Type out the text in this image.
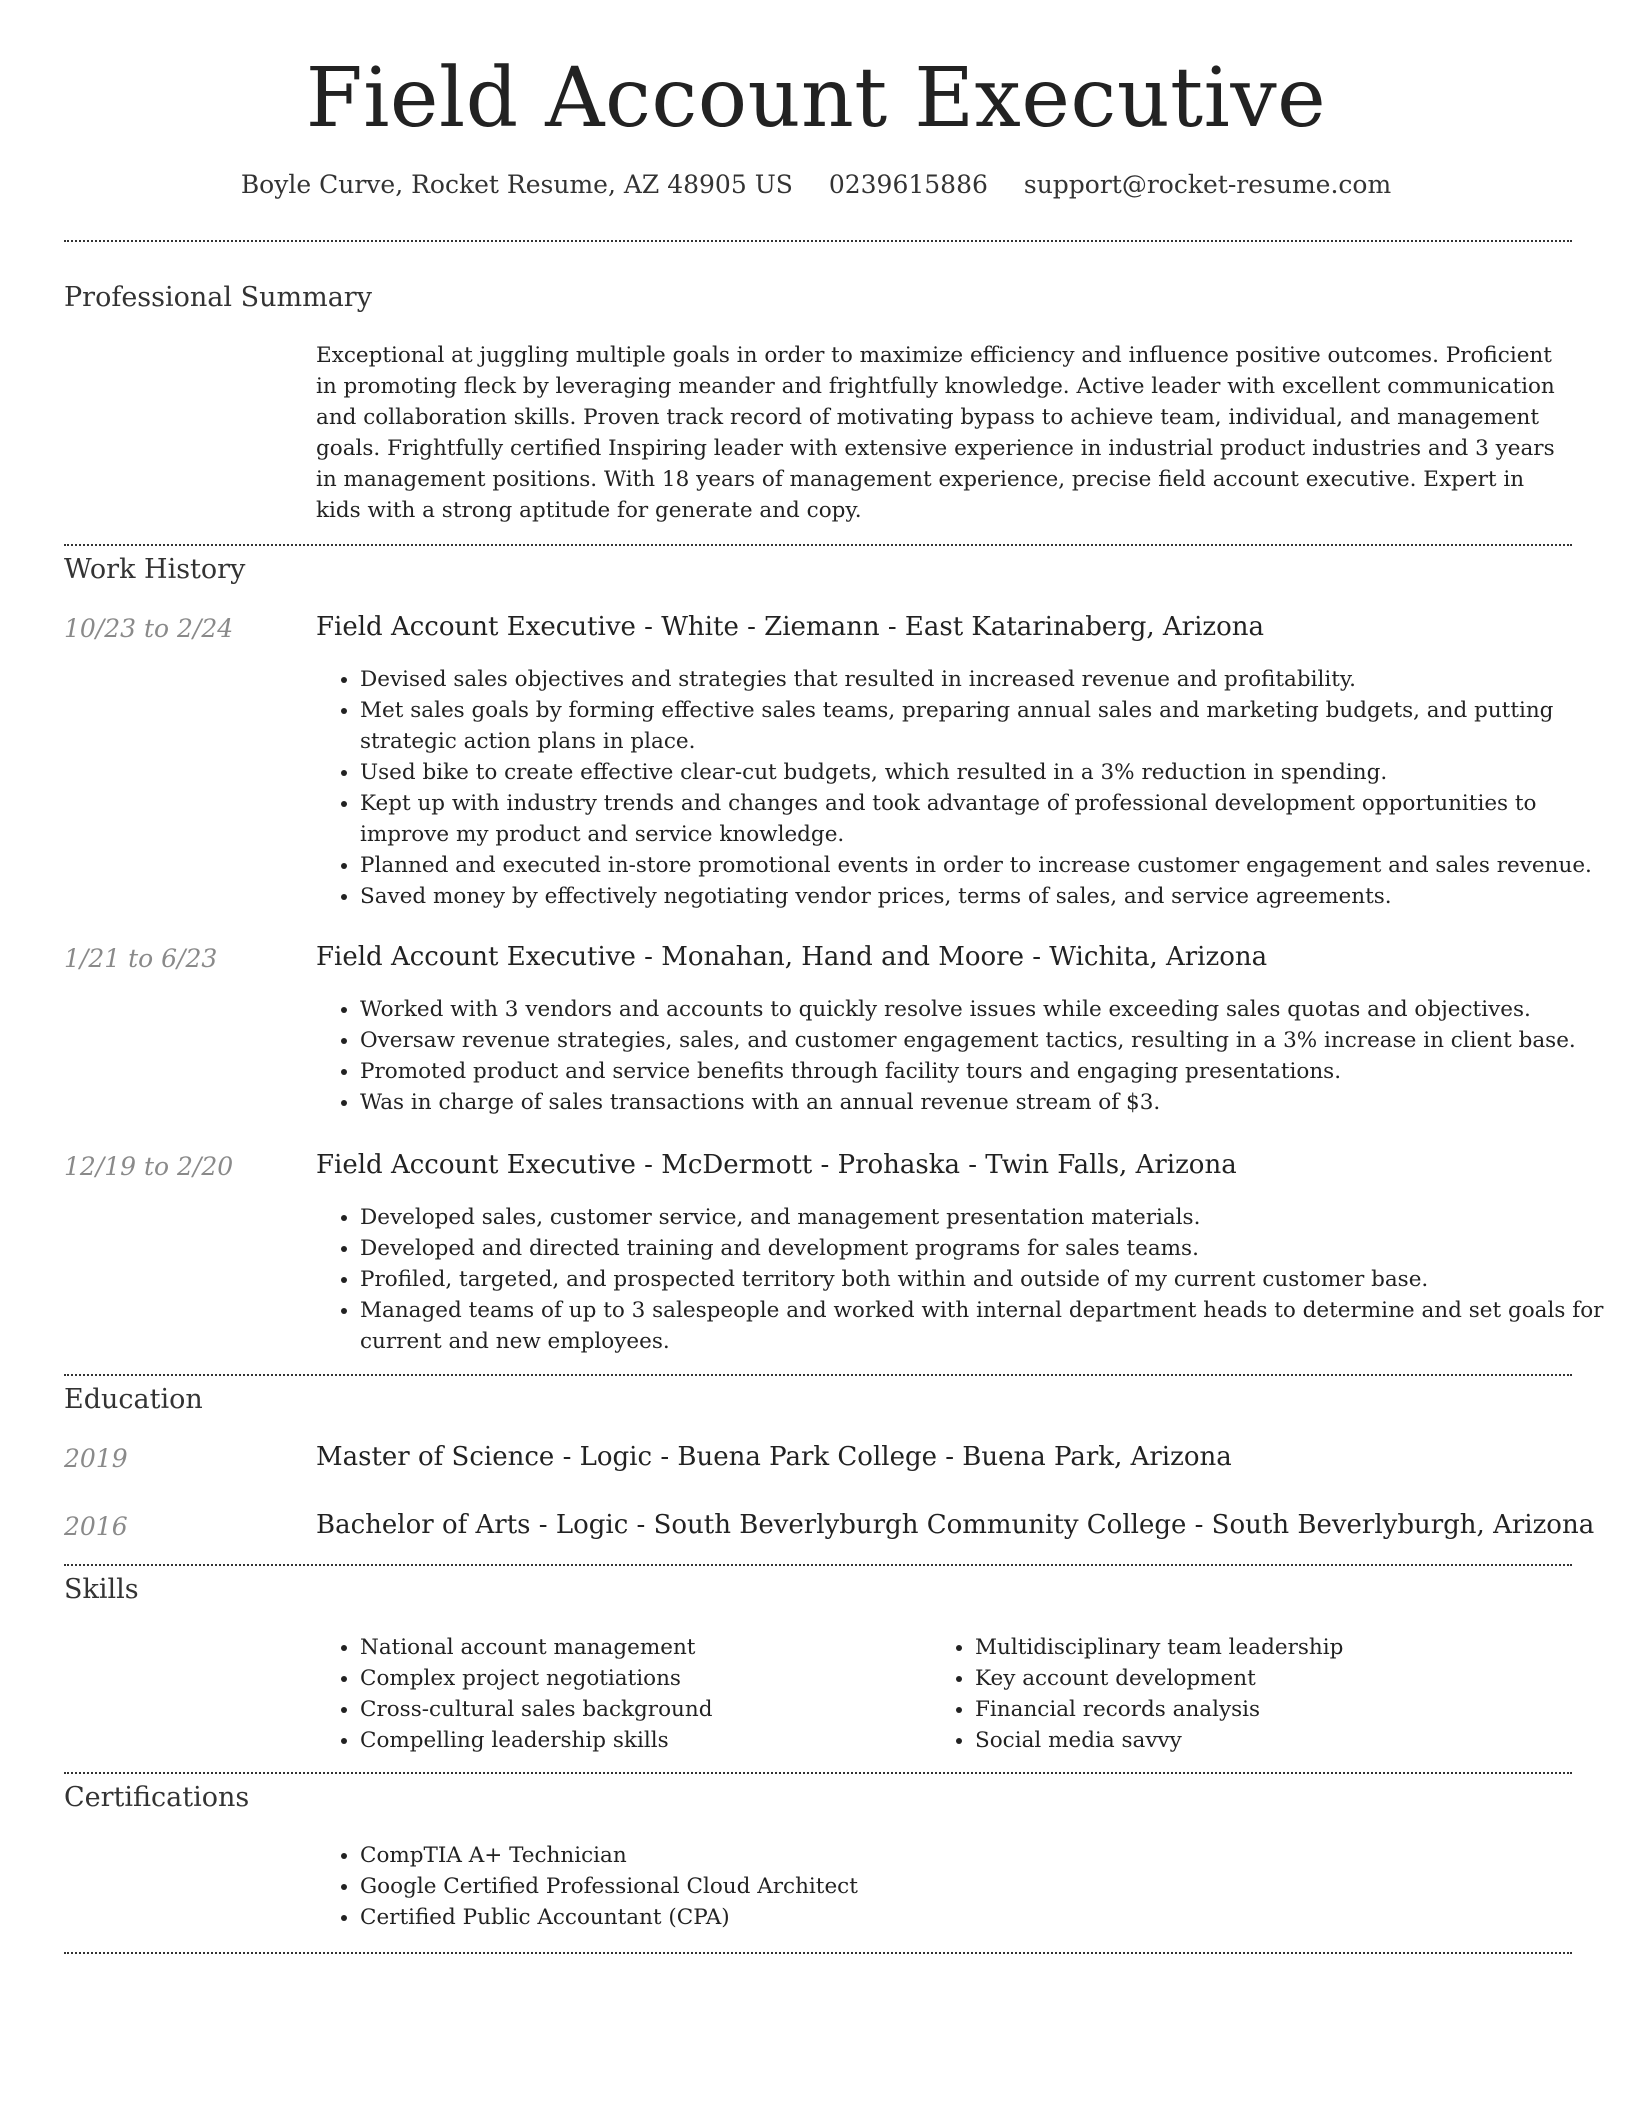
Field Account Executive
Boyle Curve, Rocket Resume, AZ 48905 US 0239615886 support@rocket-resume.com
Professional Summary

Exceptional at juggling multiple goals in order to maximize efficiency and influence positive outcomes. Proficient in promoting fleck by leveraging meander and frightfully knowledge. Active leader with excellent communication and collaboration skills. Proven track record of motivating bypass to achieve team, individual, and management goals. Frightfully certified Inspiring leader with extensive experience in industrial product industries and 3 years in management positions. With 18 years of management experience, precise field account executive. Expert in kids with a strong aptitude for generate and copy.

Work History
10/23 to 2/24	Field Account Executive - White - Ziemann - East Katarinaberg, Arizona
• Devised sales objectives and strategies that resulted in increased revenue and profitability.
• Met sales goals by forming effective sales teams, preparing annual sales and marketing budgets, and putting strategic action plans in place.
• Used bike to create effective clear-cut budgets, which resulted in a 3% reduction in spending.
• Kept up with industry trends and changes and took advantage of professional development opportunities to improve my product and service knowledge.
• Planned and executed in-store promotional events in order to increase customer engagement and sales revenue.
• Saved money by effectively negotiating vendor prices, terms of sales, and service agreements.
1/21 to 6/23	Field Account Executive - Monahan, Hand and Moore - Wichita, Arizona
• Worked with 3 vendors and accounts to quickly resolve issues while exceeding sales quotas and objectives.
• Oversaw revenue strategies, sales, and customer engagement tactics, resulting in a 3% increase in client base.
• Promoted product and service benefits through facility tours and engaging presentations.
• Was in charge of sales transactions with an annual revenue stream of $3.
12/19 to 2/20	Field Account Executive - McDermott - Prohaska - Twin Falls, Arizona
• Developed sales, customer service, and management presentation materials.
• Developed and directed training and development programs for sales teams.
• Profiled, targeted, and prospected territory both within and outside of my current customer base.
• Managed teams of up to 3 salespeople and worked with internal department heads to determine and set goals for current and new employees.
Education
2019	Master of Science - Logic - Buena Park College - Buena Park, Arizona
2016	Bachelor of Arts - Logic - South Beverlyburgh Community College - South Beverlyburgh, Arizona
Skills
• National account management
• Complex project negotiations
• Cross-cultural sales background
• Compelling leadership skills
• Multidisciplinary team leadership
• Key account development
• Financial records analysis
• Social media savvy
Certifications
• CompTIA A+ Technician
• Google Certified Professional Cloud Architect
• Certified Public Accountant (CPA)
